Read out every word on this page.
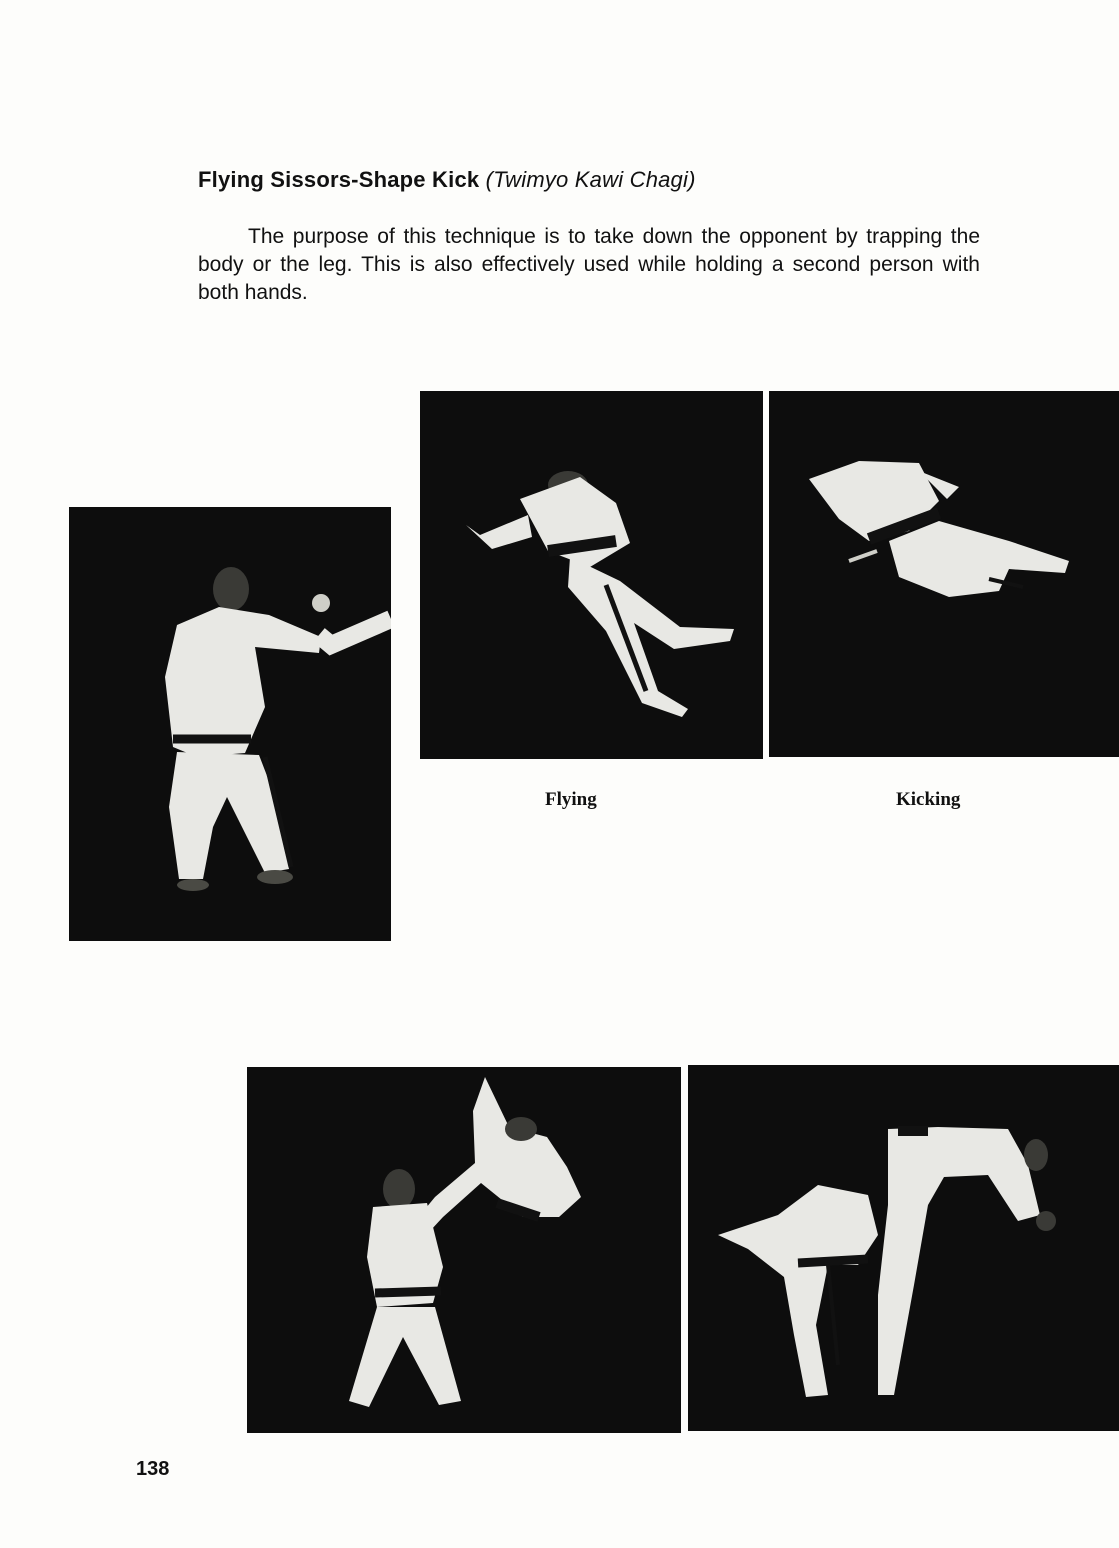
Flying Sissors-Shape Kick (Twimyo Kawi Chagi)

The purpose of this technique is to take down the opponent by trapping the body or the leg. This is also effectively used while holding a second person with both hands.

Flying	Kicking
138
